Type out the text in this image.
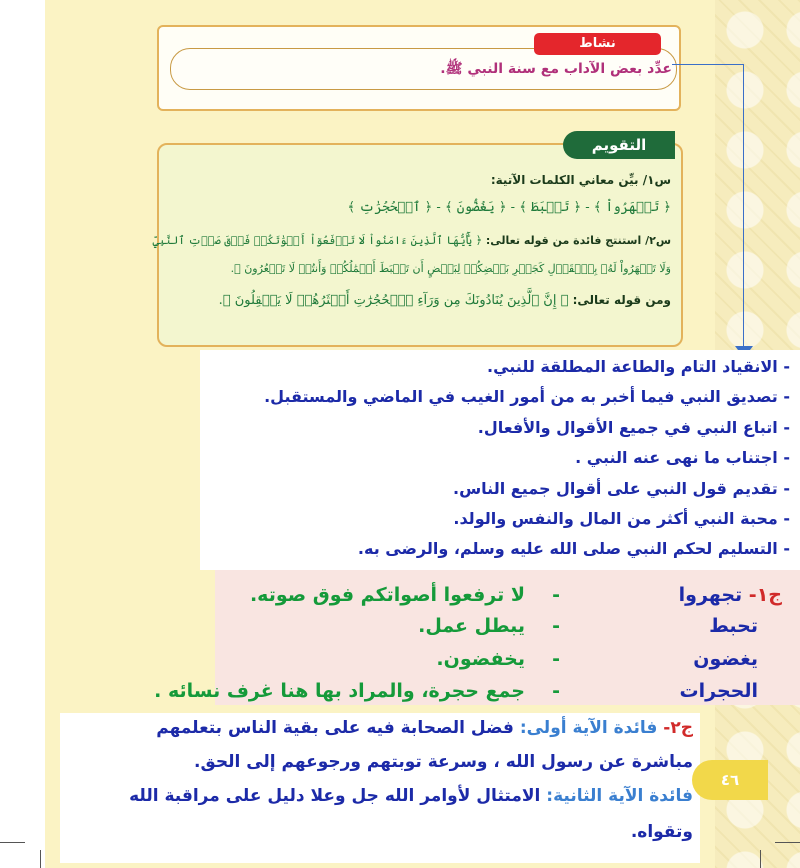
نشاط
عدِّد بعض الآداب مع سنة النبي ﷺ.
التقويم
س١/ بيِّن معاني الكلمات الآتية:
﴿ تَجۡهَرُواْ ﴾ - ﴿ تَحۡبَطَ ﴾ - ﴿ يَغُضُّونَ ﴾ - ﴿ ٱلۡحُجُرَٰتِ ﴾
س٢/ استنتج فائدة من قوله تعالى: ﴿ يَٰٓأَيُّهَا ٱلَّذِينَ ءَامَنُواْ لَا تَرۡفَعُوٓاْ أَصۡوَٰتَكُمۡ فَوۡقَ صَوۡتِ ٱلنَّبِيِّ
وَلَا تَجۡهَرُواْ لَهُۥ بِٱلۡقَوۡلِ كَجَهۡرِ بَعۡضِكُمۡ لِبَعۡضٍ أَن تَحۡبَطَ أَعۡمَٰلُكُمۡ وَأَنتُمۡ لَا تَشۡعُرُونَ ﴾.
ومن قوله تعالى: ﴿ إِنَّ ٱلَّذِينَ يُنَادُونَكَ مِن وَرَآءِ ٱلۡحُجُرَٰتِ أَكۡثَرُهُمۡ لَا يَعۡقِلُونَ ﴾.
- الانقياد التام والطاعة المطلقة للنبي.
- تصديق النبي فيما أخبر به من أمور الغيب في الماضي والمستقبل.
- اتباع النبي في جميع الأقوال والأفعال.
- اجتناب ما نهى عنه النبي .
- تقديم قول النبي على أقوال جميع الناس.
- محبة النبي أكثر من المال والنفس والولد.
- التسليم لحكم النبي صلى الله عليه وسلم، والرضى به.
ج١- تجهروا
-
لا ترفعوا أصواتكم فوق صوته.
تحبط
-
يبطل عمل.
يغضون
-
يخفضون.
الحجرات
-
جمع حجرة، والمراد بها هنا غرف نسائه .
ج٢- فائدة الآية أولى: فضل الصحابة فيه على بقية الناس بتعلمهم
مباشرة عن رسول الله ، وسرعة توبتهم ورجوعهم إلى الحق.
فائدة الآية الثانية: الامتثال لأوامر الله جل وعلا دليل على مراقبة الله
وتقواه.
٤٦
